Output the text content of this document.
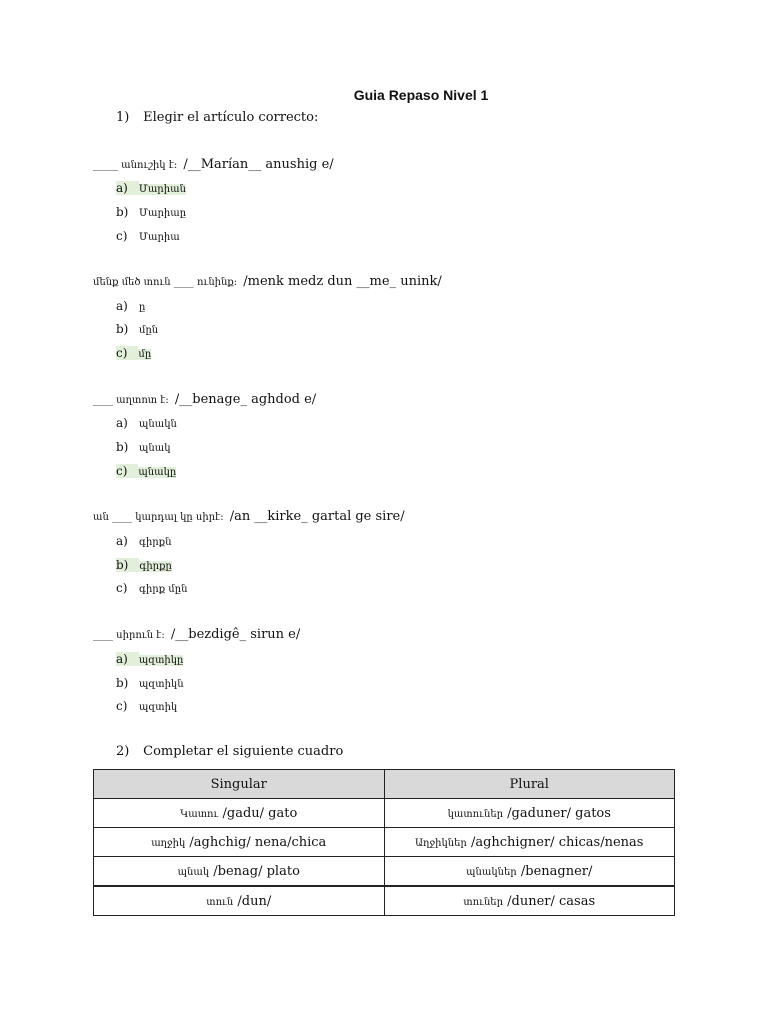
Guia Repaso Nivel 1
1) Elegir el artículo correcto:
_____ անուշիկ է: /__Marían__ anushig e/
a) Մարիան
b) Մարիաը
c) Մարիա
մենք մեծ տուն ____ ունինք: /menk medz dun __me_ unink/
a) ը
b) մըն
c) մը
____ աղտոտ է: /__benage_ aghdod e/
a) պնակն
b) պնակ
c) պնակը
ան ____ կարդալ կը սիրէ: /an __kirke_ gartal ge sire/
a) գիրքն
b) գիրքը
c) գիրք մըն
____ սիրուն է: /__bezdigê_ sirun e/
a) պզտիկը
b) պզտիկն
c) պզտիկ
2) Completar el siguiente cuadro
Singular	Plural
Կատու /gadu/ gato	կատուներ /gaduner/ gatos
աղջիկ /aghchig/ nena/chica	Աղջիկներ /aghchigner/ chicas/nenas
պնակ /benag/ plato	պնակներ /benagner/
տուն /dun/	տուներ /duner/ casas
